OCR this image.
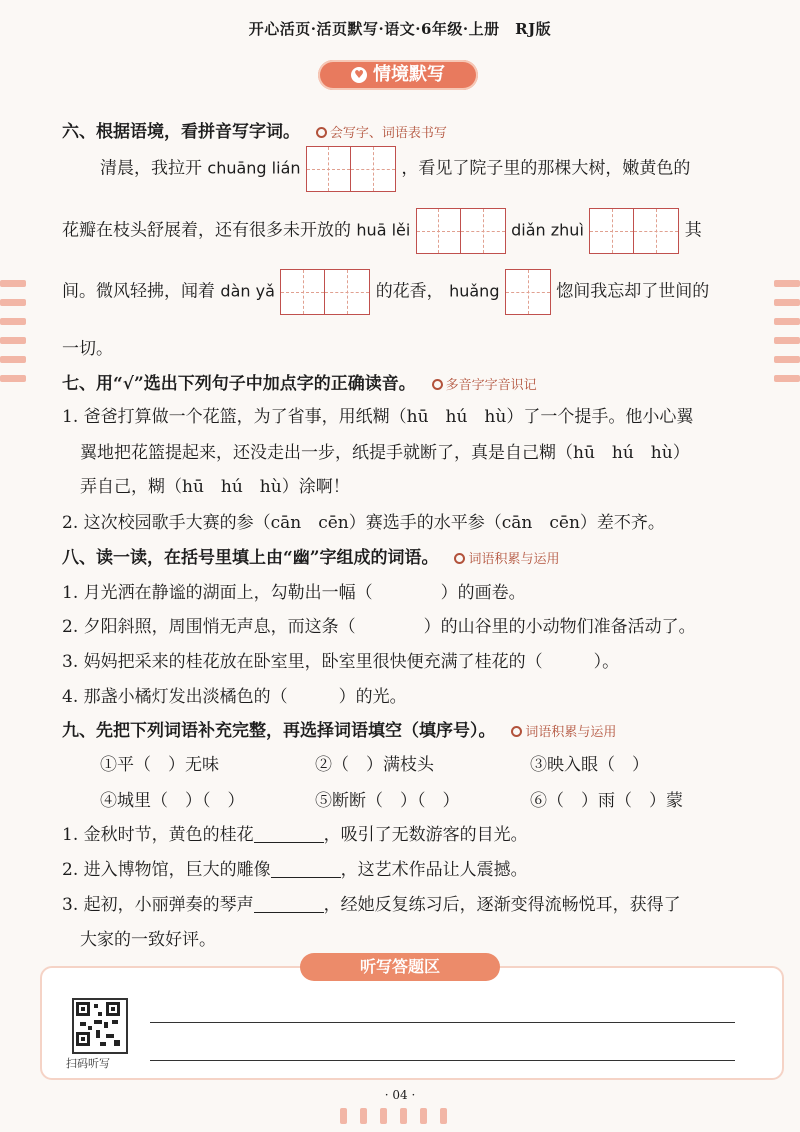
开心活页·活页默写·语文·6年级·上册　RJ版
♥ 情境默写
六、根据语境，看拼音写字词。 会写字、词语表书写
清晨，我拉开 chuāng lián	，看见了院子里的那棵大树，嫩黄色的
花瓣在枝头舒展着，还有很多未开放的 huā lěi	diǎn zhuì	其
间。微风轻拂，闻着 dàn yǎ	的花香， huǎng	惚间我忘却了世间的
一切。
七、用“√”选出下列句子中加点字的正确读音。 多音字字音识记
1. 爸爸打算做一个花篮，为了省事，用纸糊（hū　hú　hù）了一个提手。他小心翼
翼地把花篮提起来，还没走出一步，纸提手就断了，真是自己糊（hū　hú　hù）
弄自己，糊（hū　hú　hù）涂啊！
2. 这次校园歌手大赛的参（cān　cēn）赛选手的水平参（cān　cēn）差不齐。
八、读一读，在括号里填上由“幽”字组成的词语。 词语积累与运用
1. 月光洒在静谧的湖面上，勾勒出一幅（　　　　）的画卷。
2. 夕阳斜照，周围悄无声息，而这条（　　　　）的山谷里的小动物们准备活动了。
3. 妈妈把采来的桂花放在卧室里，卧室里很快便充满了桂花的（　　　）。
4. 那盏小橘灯发出淡橘色的（　　　）的光。
九、先把下列词语补充完整，再选择词语填空（填序号）。 词语积累与运用
①平（　）无味	②（　）满枝头	③映入眼（　）
④城里（　）（　）	⑤断断（　）（　）	⑥（　）雨（　）蒙
1. 金秋时节，黄色的桂花	，吸引了无数游客的目光。
2. 进入博物馆，巨大的雕像	，这艺术作品让人震撼。
3. 起初，小丽弹奏的琴声	，经她反复练习后，逐渐变得流畅悦耳，获得了
大家的一致好评。
听写答题区
扫码听写
· 04 ·
